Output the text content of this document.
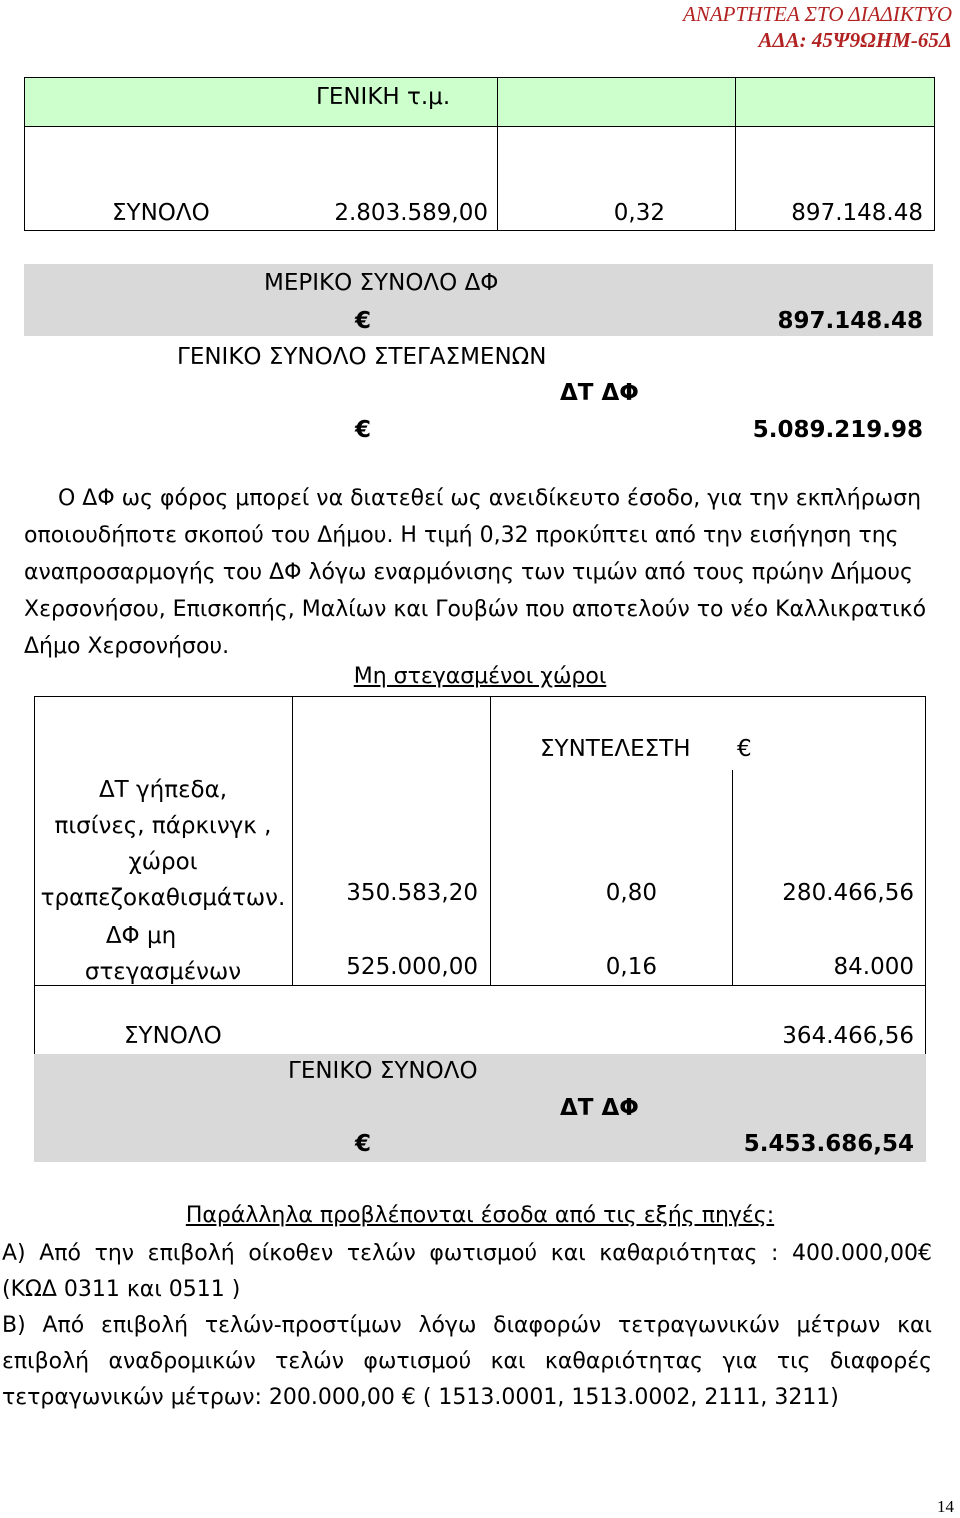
ΑΝΑΡΤΗΤΕΑ ΣΤΟ ΔΙΑΔΙΚΤΥΟ
ΑΔΑ: 45Ψ9ΩΗΜ-65Δ
ΓΕΝΙΚΗ τ.μ.
ΣΥΝΟΛΟ	2.803.589,00	0,32	897.148.48
ΜΕΡΙΚΟ ΣΥΝΟΛΟ ΔΦ
€	897.148.48
ΓΕΝΙΚΟ ΣΥΝΟΛΟ ΣΤΕΓΑΣΜΕΝΩΝ
ΔΤ ΔΦ
€	5.089.219.98
Ο ΔΦ ως φόρος μπορεί να διατεθεί ως ανειδίκευτο έσοδο, για την εκπλήρωση
οποιουδήποτε σκοπού του Δήμου. Η τιμή 0,32 προκύπτει από την εισήγηση της
αναπροσαρμογής του ΔΦ λόγω εναρμόνισης των τιμών από τους πρώην Δήμους
Χερσονήσου, Επισκοπής, Μαλίων και Γουβών που αποτελούν το νέο Καλλικρατικό
Δήμο Χερσονήσου.
Μη στεγασμένοι χώροι
ΣΥΝΤΕΛΕΣΤΗ €
ΔΤ γήπεδα,
πισίνες, πάρκινγκ ,
χώροι
τραπεζοκαθισμάτων.	350.583,20	0,80	280.466,56
ΔΦ μη
στεγασμένων	525.000,00	0,16	84.000
ΣΥΝΟΛΟ	364.466,56
ΓΕΝΙΚΟ ΣΥΝΟΛΟ
ΔΤ ΔΦ
€	5.453.686,54
Παράλληλα προβλέπονται έσοδα από τις εξής πηγές:
Α) Από την επιβολή οίκοθεν τελών φωτισμού και καθαριότητας : 400.000,00€
(ΚΩΔ 0311 και 0511 )
Β) Από επιβολή τελών-προστίμων λόγω διαφορών τετραγωνικών μέτρων και
επιβολή αναδρομικών τελών φωτισμού και καθαριότητας για τις διαφορές
τετραγωνικών μέτρων: 200.000,00 € ( 1513.0001, 1513.0002, 2111, 3211)
14
